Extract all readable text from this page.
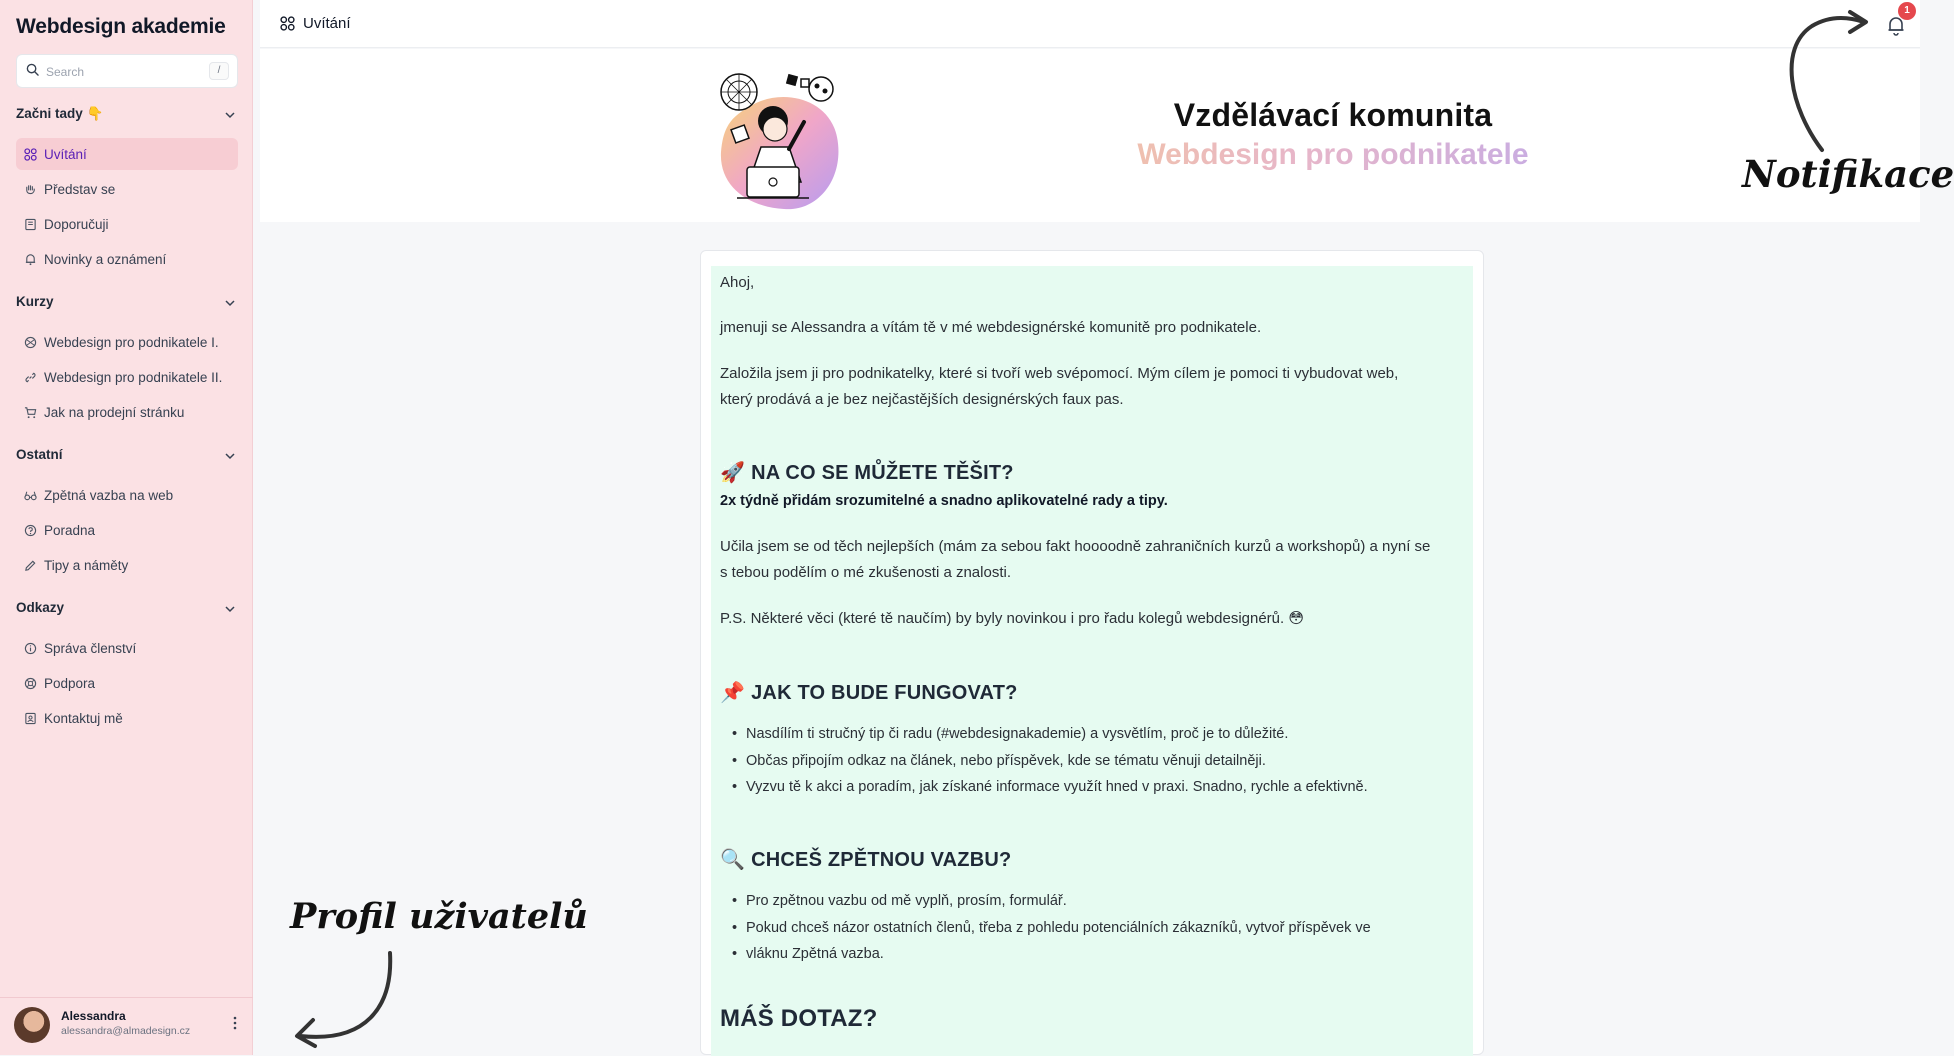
Webdesign akademie
Search	/
Začni tady 👇
Uvítání
Představ se
Doporučuji
Novinky a oznámení
Kurzy
Webdesign pro podnikatele I.
Webdesign pro podnikatele II.
Jak na prodejní stránku
Ostatní
Zpětná vazba na web
Poradna
Tipy a náměty
Odkazy
Správa členství
Podpora
Kontaktuj mě
Alessandra
alessandra@almadesign.cz
Uvítání
1
Vzdělávací komunita
Webdesign pro podnikatele
Ahoj,
jmenuji se Alessandra a vítám tě v mé webdesignérské komunitě pro podnikatele.
Založila jsem ji pro podnikatelky, které si tvoří web svépomocí. Mým cílem je pomoci ti vybudovat web,
který prodává a je bez nejčastějších designérských faux pas.
🚀 NA CO SE MŮŽETE TĚŠIT?
2x týdně přidám srozumitelné a snadno aplikovatelné rady a tipy.
Učila jsem se od těch nejlepších (mám za sebou fakt hoooodně zahraničních kurzů a workshopů) a nyní se
s tebou podělím o mé zkušenosti a znalosti.
P.S. Některé věci (které tě naučím) by byly novinkou i pro řadu kolegů webdesignérů. 😳
📌 JAK TO BUDE FUNGOVAT?
• Nasdílím ti stručný tip či radu (#webdesignakademie) a vysvětlím, proč je to důležité.
• Občas připojím odkaz na článek, nebo příspěvek, kde se tématu věnuji detailněji.
• Vyzvu tě k akci a poradím, jak získané informace využít hned v praxi. Snadno, rychle a efektivně.
🔍 CHCEŠ ZPĚTNOU VAZBU?
• Pro zpětnou vazbu od mě vyplň, prosím, formulář.
• Pokud chceš názor ostatních členů, třeba z pohledu potenciálních zákazníků, vytvoř příspěvek ve
• vláknu Zpětná vazba.
MÁŠ DOTAZ?
Notifikace
Profil uživatelů
